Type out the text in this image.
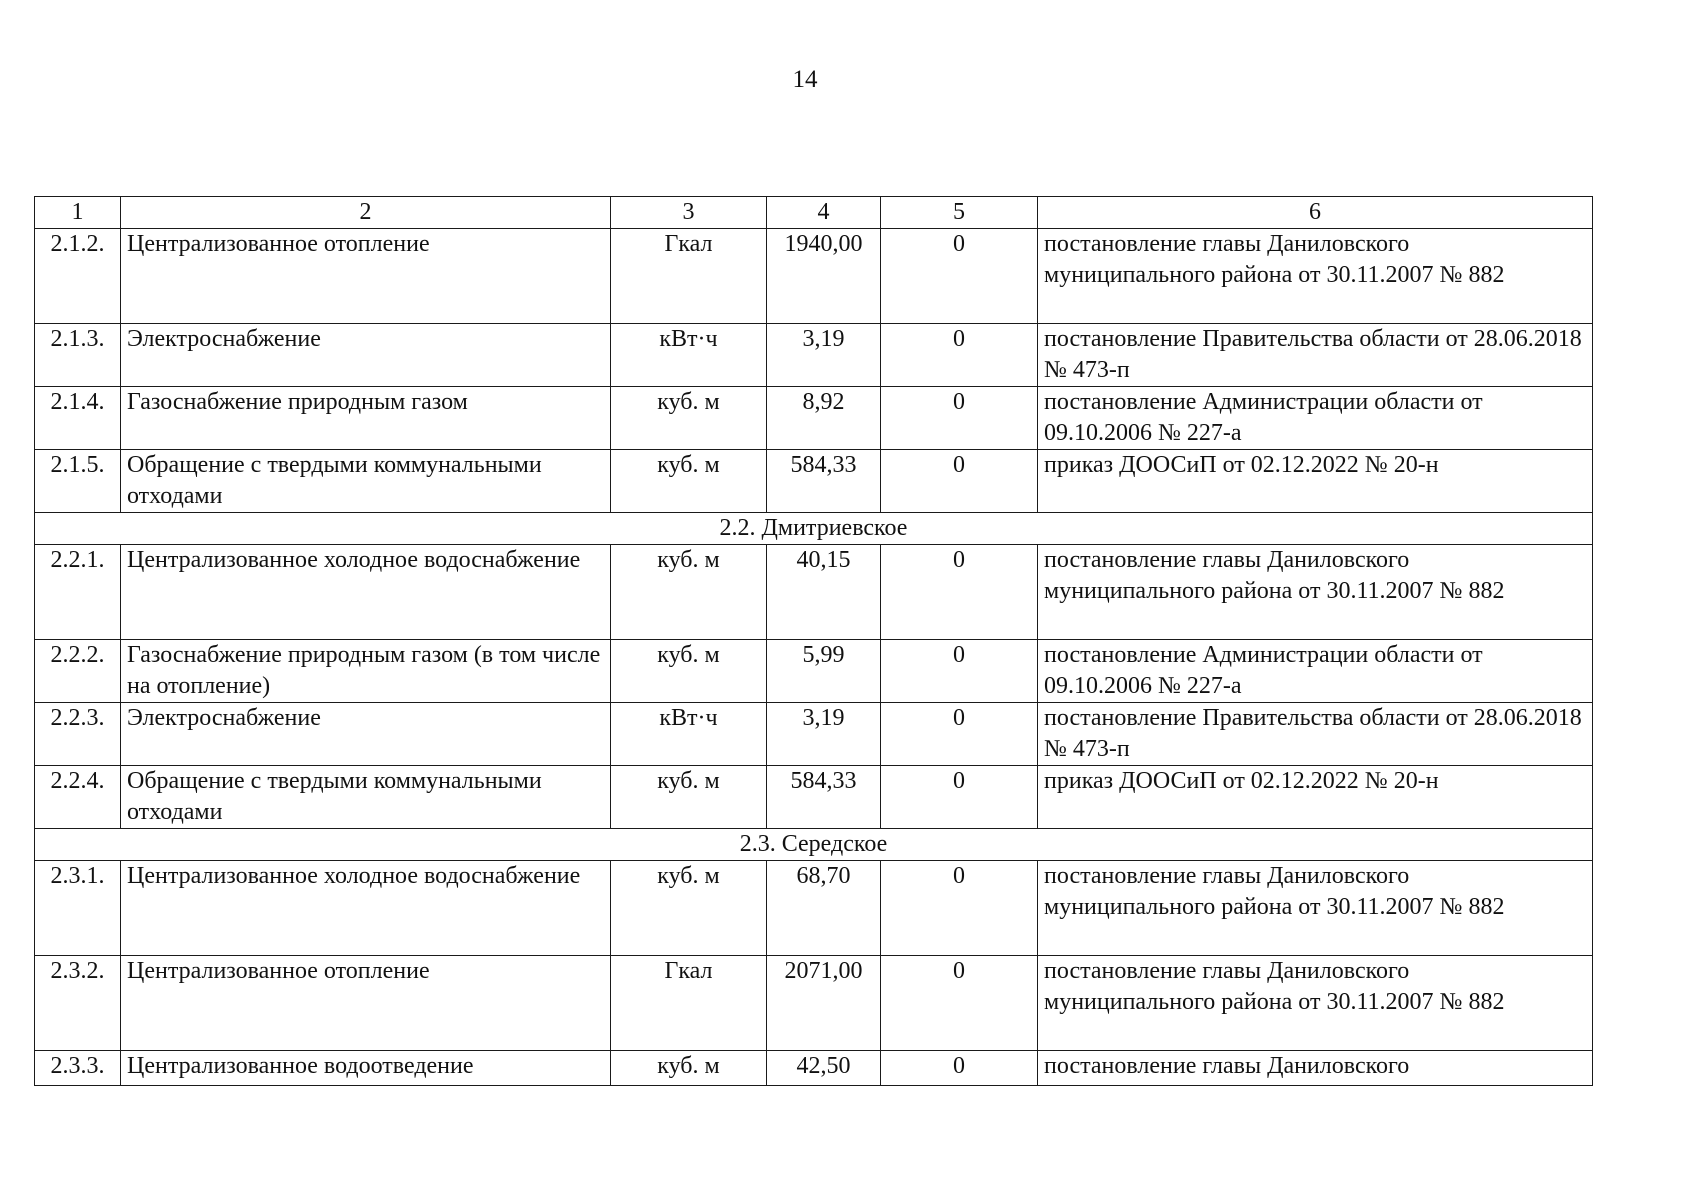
14
1	2	3	4	5	6
2.1.2.	Централизованное отопление	Гкал	1940,00	0	постановление главы Даниловского муниципального района от 30.11.2007 № 882
2.1.3.	Электроснабжение	кВт·ч	3,19	0	постановление Правительства области от 28.06.2018 № 473-п
2.1.4.	Газоснабжение природным газом	куб. м	8,92	0	постановление Администрации области от 09.10.2006 № 227-а
2.1.5.	Обращение с твердыми коммунальными отходами	куб. м	584,33	0	приказ ДООСиП от 02.12.2022 № 20-н
2.2. Дмитриевское					
2.2.1.	Централизованное холодное водоснабжение	куб. м	40,15	0	постановление главы Даниловского муниципального района от 30.11.2007 № 882
2.2.2.	Газоснабжение природным газом (в том числе на отопление)	куб. м	5,99	0	постановление Администрации области от 09.10.2006 № 227-а
2.2.3.	Электроснабжение	кВт·ч	3,19	0	постановление Правительства области от 28.06.2018 № 473-п
2.2.4.	Обращение с твердыми коммунальными отходами	куб. м	584,33	0	приказ ДООСиП от 02.12.2022 № 20-н
2.3. Середское					
2.3.1.	Централизованное холодное водоснабжение	куб. м	68,70	0	постановление главы Даниловского муниципального района от 30.11.2007 № 882
2.3.2.	Централизованное отопление	Гкал	2071,00	0	постановление главы Даниловского муниципального района от 30.11.2007 № 882
2.3.3.	Централизованное водоотведение	куб. м	42,50	0	постановление главы Даниловского
